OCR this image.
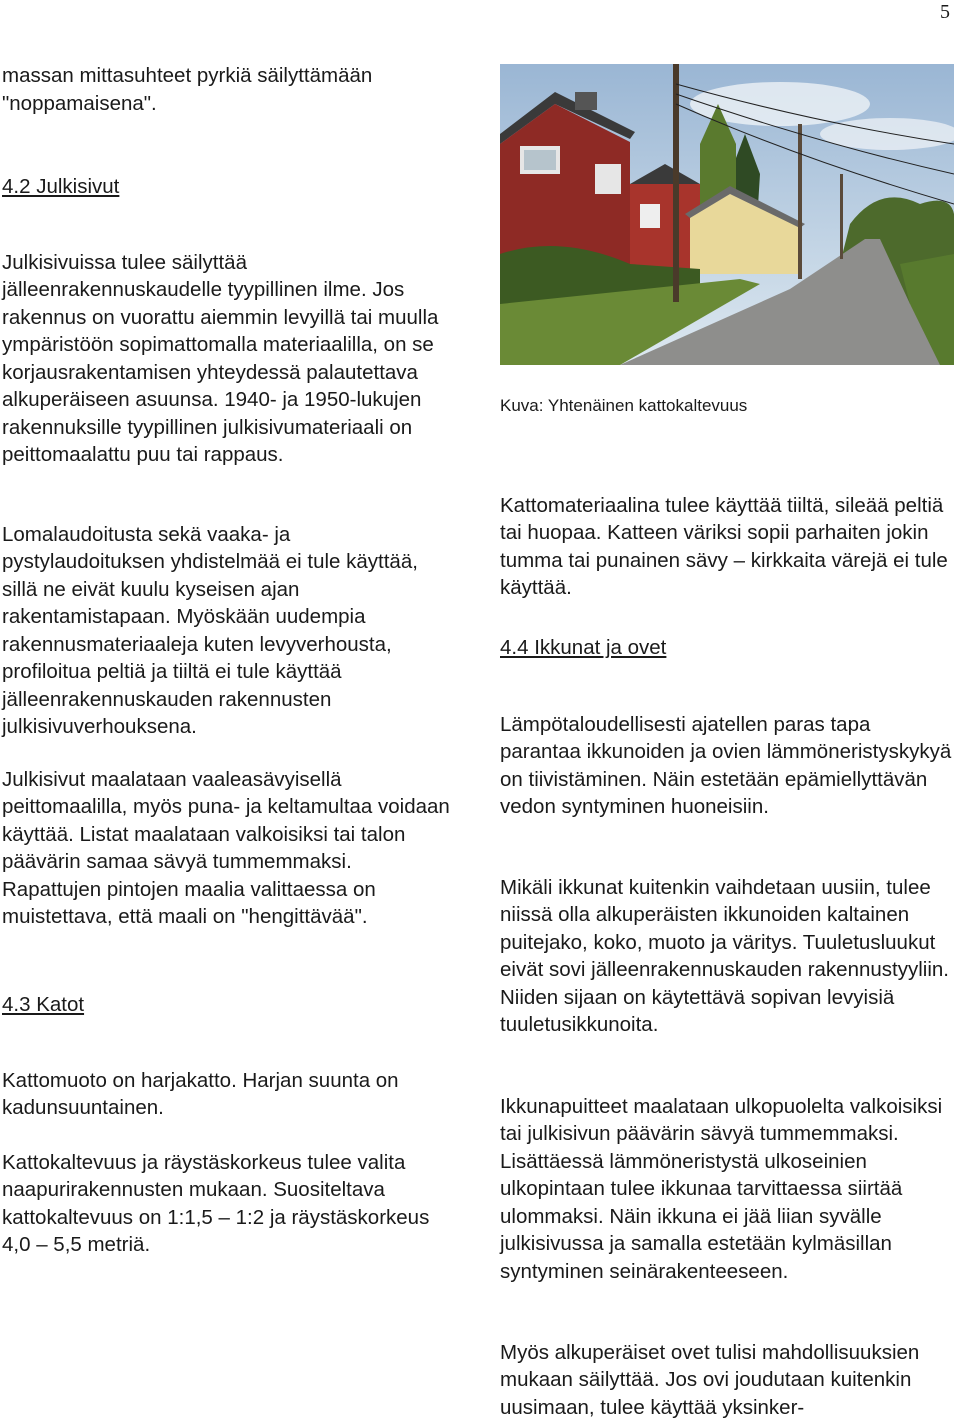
5
massan mittasuhteet pyrkiä säilyttämään "noppamaisena".
4.2 Julkisivut

Julkisivuissa tulee säilyttää jälleenrakennuskaudelle tyypillinen ilme. Jos rakennus on vuorattu aiemmin levyillä tai muulla ympäristöön sopimattomalla materiaalilla, on se korjausrakentamisen yhteydessä palautettava alkuperäiseen asuunsa. 1940- ja 1950-lukujen rakennuksille tyypillinen julkisivumateriaali on peittomaalattu puu tai rappaus.

Lomalaudoitusta sekä vaaka- ja pystylaudoituksen yhdistelmää ei tule käyttää, sillä ne eivät kuulu kyseisen ajan rakentamistapaan. Myöskään uudempia rakennusmateriaaleja kuten levyverhousta, profiloitua peltiä ja tiiltä ei tule käyttää jälleenrakennuskauden rakennusten julkisivuverhouksena.

Julkisivut maalataan vaaleasävyisellä peittomaalilla, myös puna- ja keltamultaa voidaan käyttää. Listat maalataan valkoisiksi tai talon päävärin samaa sävyä tummemmaksi. Rapattujen pintojen maalia valittaessa on muistettava, että maali on "hengittävää".

4.3 Katot

Kattomuoto on harjakatto. Harjan suunta on kadunsuuntainen.

Kattokaltevuus ja räystäskorkeus tulee valita naapurirakennusten mukaan. Suositeltava kattokaltevuus on 1:1,5 – 1:2 ja räystäskorkeus 4,0 – 5,5 metriä.

Kuva: Yhtenäinen kattokaltevuus

Kattomateriaalina tulee käyttää tiiltä, sileää peltiä tai huopaa. Katteen väriksi sopii parhaiten jokin tumma tai punainen sävy – kirkkaita värejä ei tule käyttää.

4.4 Ikkunat ja ovet

Lämpötaloudellisesti ajatellen paras tapa parantaa ikkunoiden ja ovien lämmöneristyskykyä on tiivistäminen. Näin estetään epämiellyttävän vedon syntyminen huoneisiin.

Mikäli ikkunat kuitenkin vaihdetaan uusiin, tulee niissä olla alkuperäisten ikkunoiden kaltainen puitejako, koko, muoto ja väritys. Tuuletusluukut eivät sovi jälleenrakennuskauden rakennustyyliin. Niiden sijaan on käytettävä sopivan levyisiä tuuletusikkunoita.

Ikkunapuitteet maalataan ulkopuolelta valkoisiksi tai julkisivun päävärin sävyä tummemmaksi. Lisättäessä lämmöneristystä ulkoseinien ulkopintaan tulee ikkunaa tarvittaessa siirtää ulommaksi. Näin ikkuna ei jää liian syvälle julkisivussa ja samalla estetään kylmäsillan syntyminen seinärakenteeseen.

Myös alkuperäiset ovet tulisi mahdollisuuksien mukaan säilyttää. Jos ovi joudutaan kuitenkin uusimaan, tulee käyttää yksinker-
